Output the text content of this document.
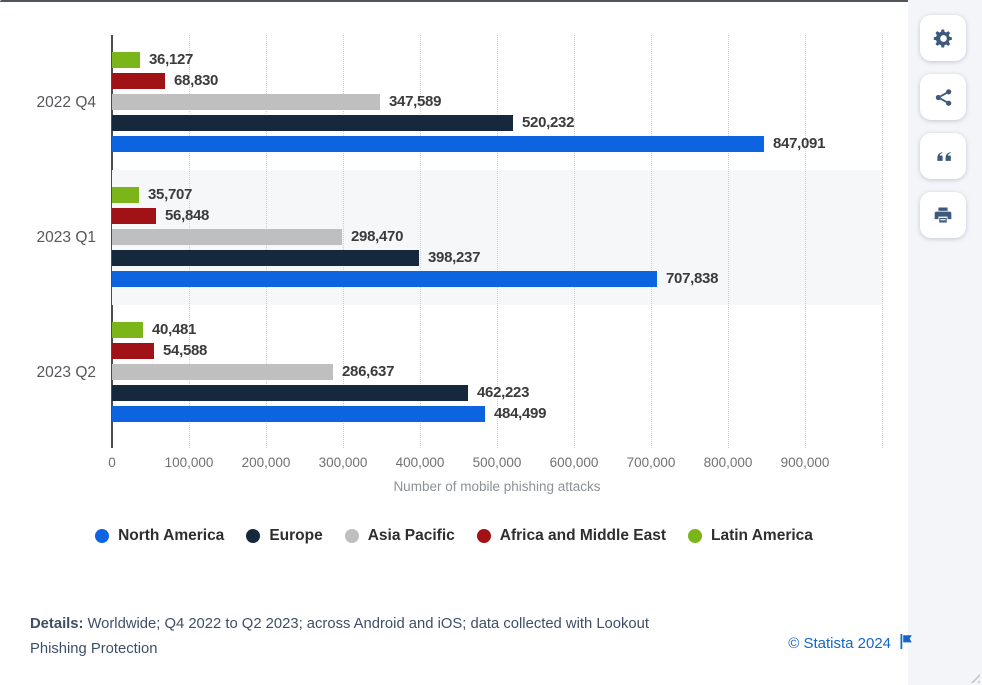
Number of mobile phishing attacks
2022 Q4
36,127
68,830
347,589
520,232
847,091
2023 Q1
35,707
56,848
298,470
398,237
707,838
2023 Q2
40,481
54,588
286,637
462,223
484,499
0	100,000 200,000 300,000 400,000 500,000 600,000 700,000 800,000 900,000
North America	Europe	Asia Pacific	Africa and Middle East	Latin America
Details: Worldwide; Q4 2022 to Q2 2023; across Android and iOS; data collected with Lookout Phishing Protection	© Statista 2024
